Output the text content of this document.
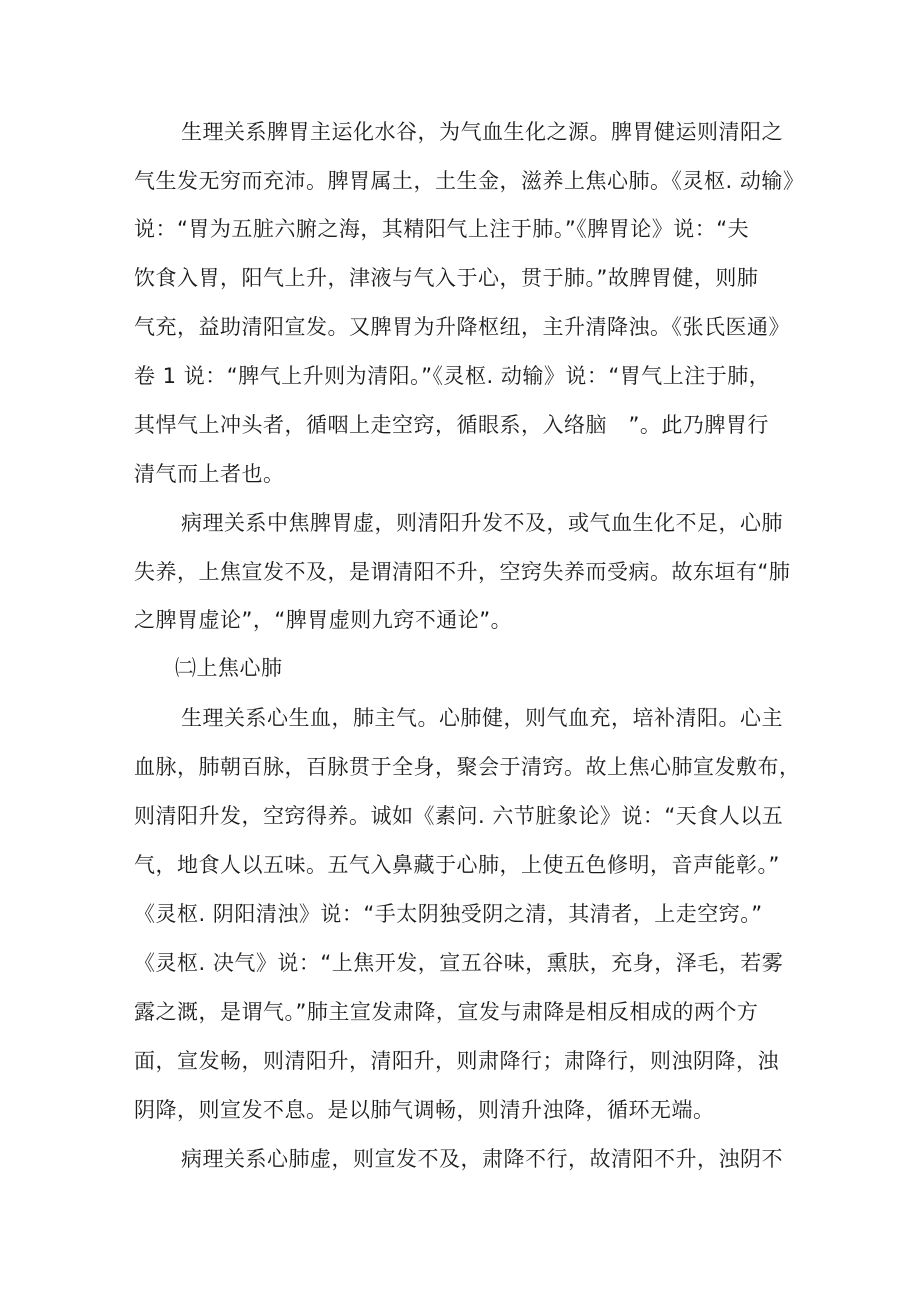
生理关系脾胃主运化水谷，为气血生化之源。脾胃健运则清阳之
气生发无穷而充沛。脾胃属土，土生金，滋养上焦心肺。《灵枢. 动输》
说：“胃为五脏六腑之海，其精阳气上注于肺。”《脾胃论》说：“夫
饮食入胃，阳气上升，津液与气入于心，贯于肺。”故脾胃健，则肺
气充，益助清阳宣发。又脾胃为升降枢纽，主升清降浊。《张氏医通》
卷 1 说：“脾气上升则为清阳。”《灵枢. 动输》说：“胃气上注于肺，
其悍气上冲头者，循咽上走空窍，循眼系，入络脑　”。此乃脾胃行
清气而上者也。
病理关系中焦脾胃虚，则清阳升发不及，或气血生化不足，心肺
失养，上焦宣发不及，是谓清阳不升，空窍失养而受病。故东垣有“肺
之脾胃虚论”，“脾胃虚则九窍不通论”。
㈡上焦心肺
生理关系心生血，肺主气。心肺健，则气血充，培补清阳。心主
血脉，肺朝百脉，百脉贯于全身，聚会于清窍。故上焦心肺宣发敷布，
则清阳升发，空窍得养。诚如《素问. 六节脏象论》说：“天食人以五
气，地食人以五味。五气入鼻藏于心肺，上使五色修明，音声能彰。”
《灵枢. 阴阳清浊》说：“手太阴独受阴之清，其清者，上走空窍。”
《灵枢. 决气》说：“上焦开发，宣五谷味，熏肤，充身，泽毛，若雾
露之溉，是谓气。”肺主宣发肃降，宣发与肃降是相反相成的两个方
面，宣发畅，则清阳升，清阳升，则肃降行；肃降行，则浊阴降，浊
阴降，则宣发不息。是以肺气调畅，则清升浊降，循环无端。
病理关系心肺虚，则宣发不及，肃降不行，故清阳不升，浊阴不
